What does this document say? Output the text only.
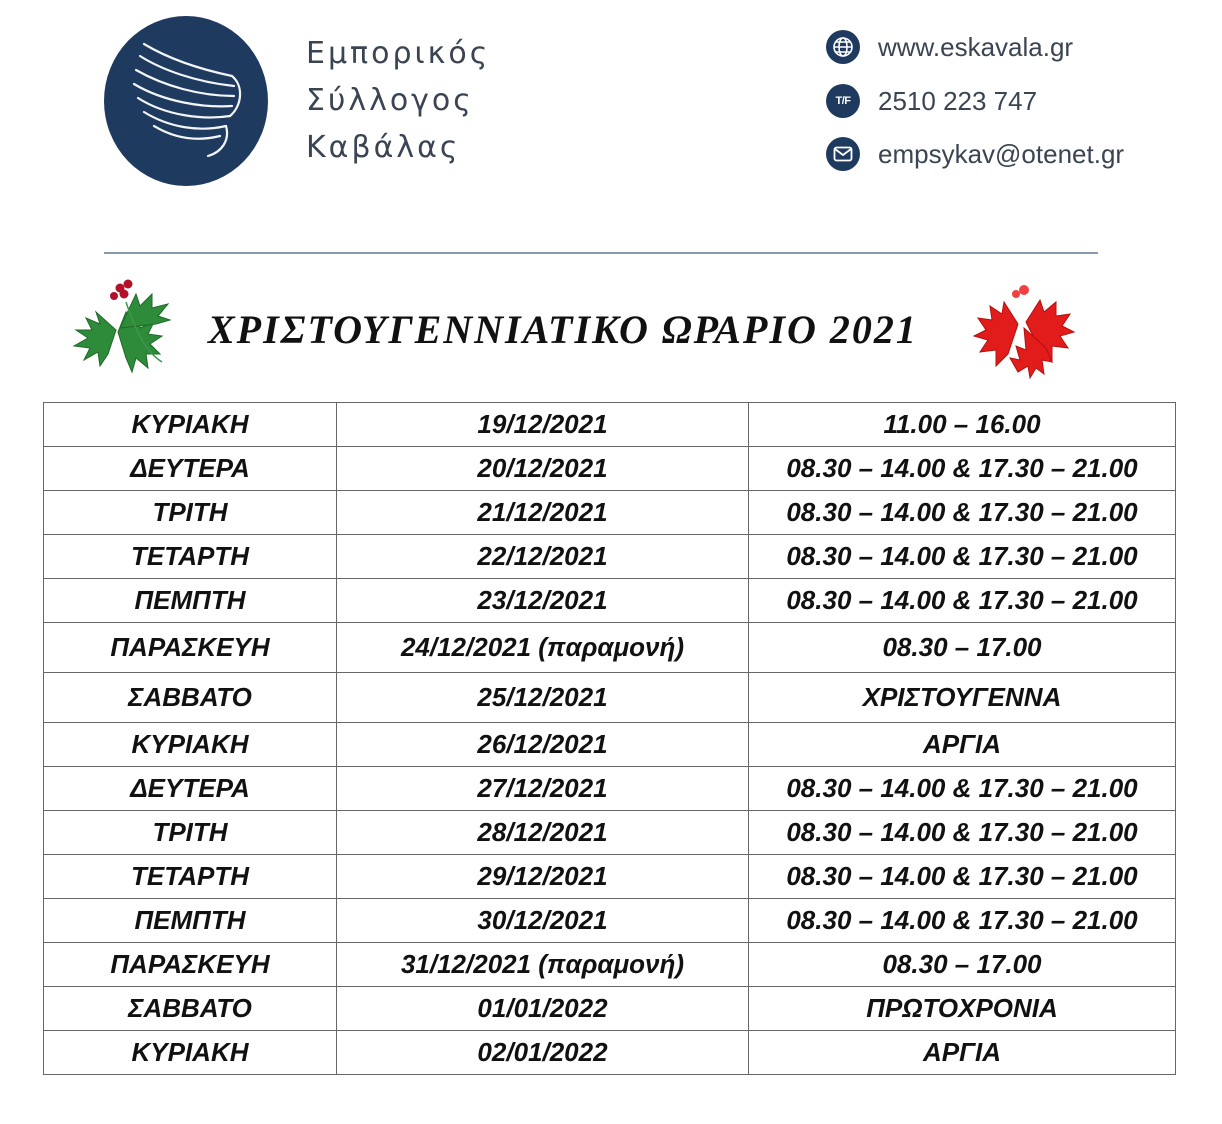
Εμπορικός
Σύλλογος
Καβάλας
www.eskavala.gr
T/F 2510 223 747
empsykav@otenet.gr
ΧΡΙΣΤΟΥΓΕΝΝΙΑΤΙΚΟ ΩΡΑΡΙΟ 2021
ΚΥΡΙΑΚΗ	19/12/2021	11.00 – 16.00
ΔΕΥΤΕΡΑ	20/12/2021	08.30 – 14.00 & 17.30 – 21.00
ΤΡΙΤΗ	21/12/2021	08.30 – 14.00 & 17.30 – 21.00
ΤΕΤΑΡΤΗ	22/12/2021	08.30 – 14.00 & 17.30 – 21.00
ΠΕΜΠΤΗ	23/12/2021	08.30 – 14.00 & 17.30 – 21.00
ΠΑΡΑΣΚΕΥΗ	24/12/2021 (παραμονή)	08.30 – 17.00
ΣΑΒΒΑΤΟ	25/12/2021	ΧΡΙΣΤΟΥΓΕΝΝΑ
ΚΥΡΙΑΚΗ	26/12/2021	ΑΡΓΙΑ
ΔΕΥΤΕΡΑ	27/12/2021	08.30 – 14.00 & 17.30 – 21.00
ΤΡΙΤΗ	28/12/2021	08.30 – 14.00 & 17.30 – 21.00
ΤΕΤΑΡΤΗ	29/12/2021	08.30 – 14.00 & 17.30 – 21.00
ΠΕΜΠΤΗ	30/12/2021	08.30 – 14.00 & 17.30 – 21.00
ΠΑΡΑΣΚΕΥΗ	31/12/2021 (παραμονή)	08.30 – 17.00
ΣΑΒΒΑΤΟ	01/01/2022	ΠΡΩΤΟΧΡΟΝΙΑ
ΚΥΡΙΑΚΗ	02/01/2022	ΑΡΓΙΑ
